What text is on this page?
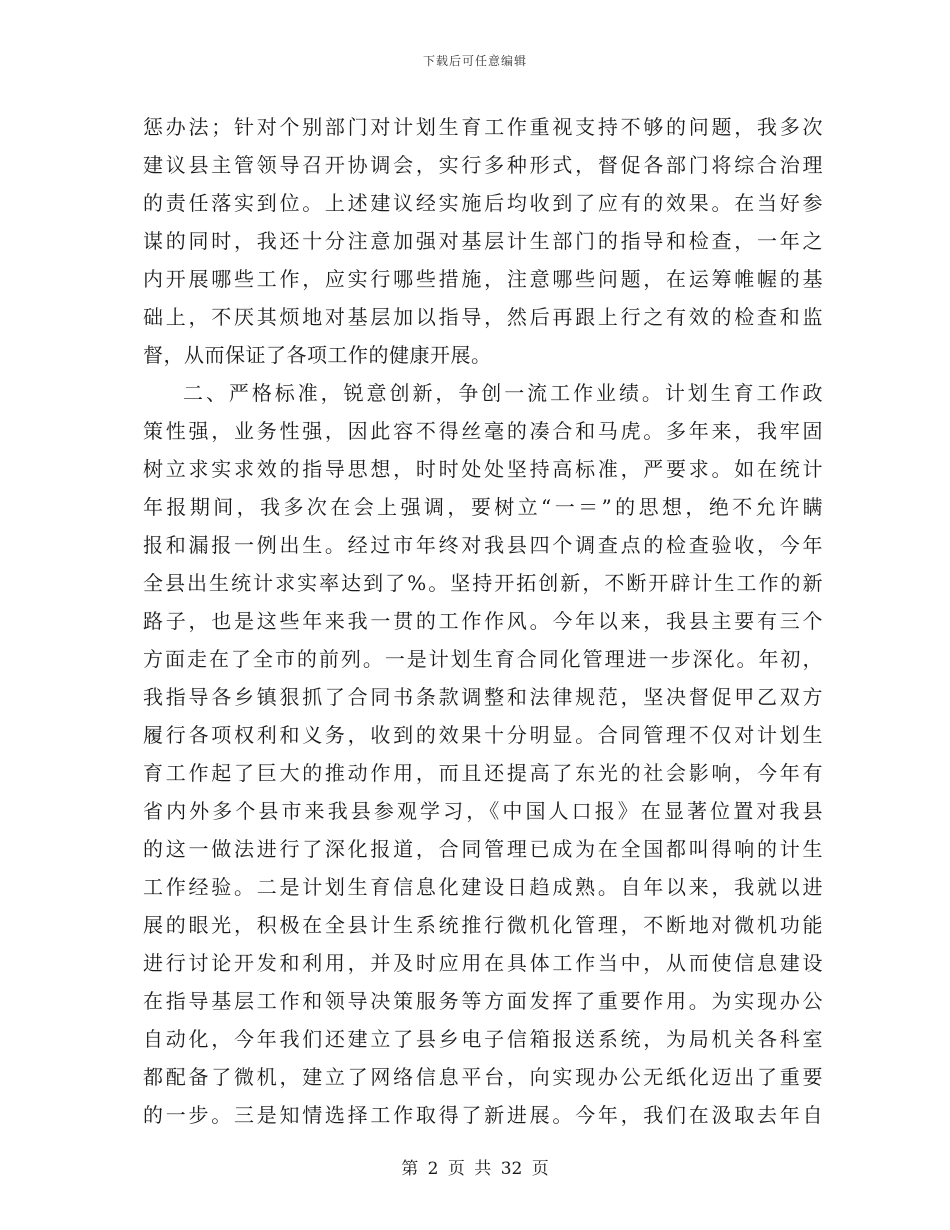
下载后可任意编辑
惩办法；针对个别部门对计划生育工作重视支持不够的问题，我多次
建议县主管领导召开协调会，实行多种形式，督促各部门将综合治理
的责任落实到位。上述建议经实施后均收到了应有的效果。在当好参
谋的同时，我还十分注意加强对基层计生部门的指导和检查，一年之
内开展哪些工作，应实行哪些措施，注意哪些问题，在运筹帷幄的基
础上，不厌其烦地对基层加以指导，然后再跟上行之有效的检查和监
督，从而保证了各项工作的健康开展。
二、严格标准，锐意创新，争创一流工作业绩。计划生育工作政
策性强，业务性强，因此容不得丝毫的凑合和马虎。多年来，我牢固
树立求实求效的指导思想，时时处处坚持高标准，严要求。如在统计
年报期间，我多次在会上强调，要树立“一＝”的思想，绝不允许瞒
报和漏报一例出生。经过市年终对我县四个调查点的检查验收，今年
全县出生统计求实率达到了%。坚持开拓创新，不断开辟计生工作的新
路子，也是这些年来我一贯的工作作风。今年以来，我县主要有三个
方面走在了全市的前列。一是计划生育合同化管理进一步深化。年初，
我指导各乡镇狠抓了合同书条款调整和法律规范，坚决督促甲乙双方
履行各项权利和义务，收到的效果十分明显。合同管理不仅对计划生
育工作起了巨大的推动作用，而且还提高了东光的社会影响，今年有
省内外多个县市来我县参观学习，《中国人口报》在显著位置对我县
的这一做法进行了深化报道，合同管理已成为在全国都叫得响的计生
工作经验。二是计划生育信息化建设日趋成熟。自年以来，我就以进
展的眼光，积极在全县计生系统推行微机化管理，不断地对微机功能
进行讨论开发和利用，并及时应用在具体工作当中，从而使信息建设
在指导基层工作和领导决策服务等方面发挥了重要作用。为实现办公
自动化，今年我们还建立了县乡电子信箱报送系统，为局机关各科室
都配备了微机，建立了网络信息平台，向实现办公无纸化迈出了重要
的一步。三是知情选择工作取得了新进展。今年，我们在汲取去年自
第 2 页 共 32 页
